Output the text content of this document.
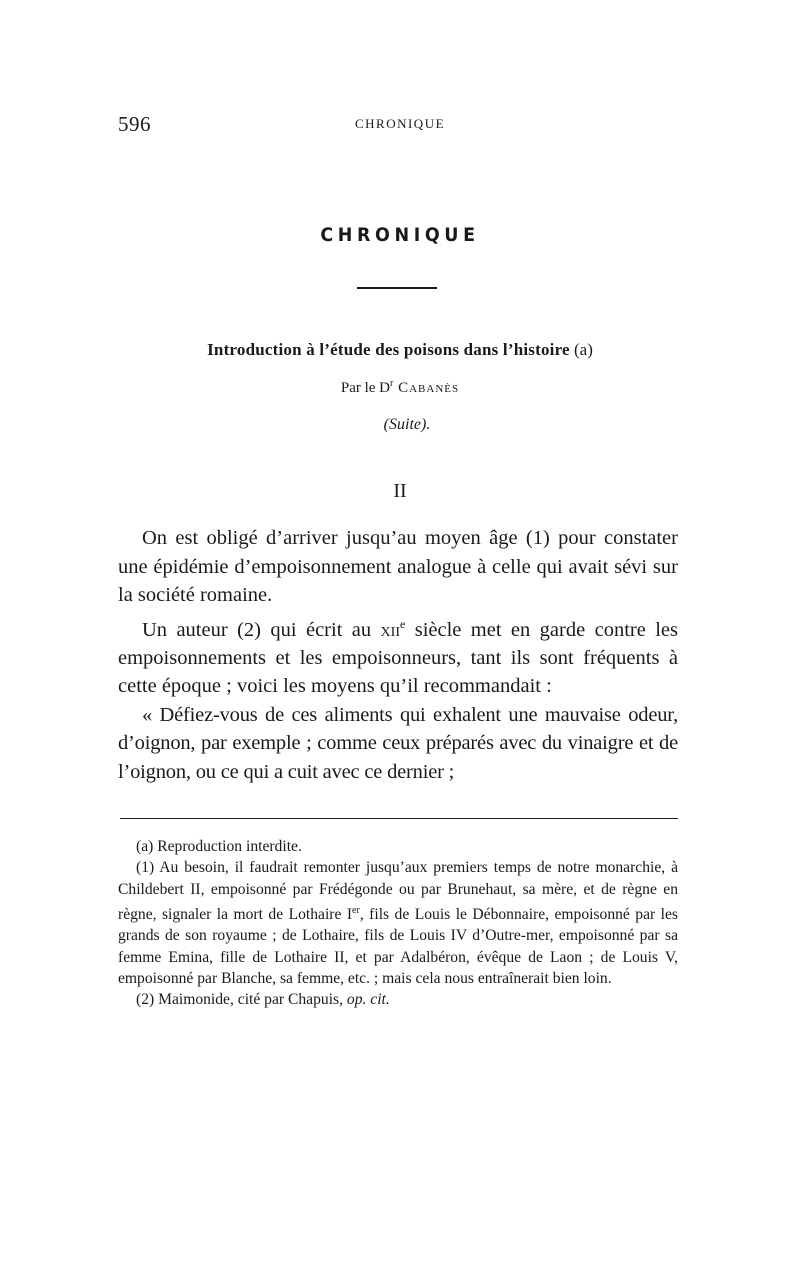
596	CHRONIQUE
CHRONIQUE
Introduction à l’étude des poisons dans l’histoire (a)
Par le $D^r$ Cabanès
(Suite).
II

On est obligé d’arriver jusqu’au moyen âge (1) pour constater une épidémie d’empoisonnement analogue à celle qui avait sévi sur la société romaine.

Un auteur (2) qui écrit au xii$^e$ siècle met en garde contre les empoisonnements et les empoisonneurs, tant ils sont fréquents à cette époque ; voici les moyens qu’il recommandait :

« Défiez-vous de ces aliments qui exhalent une mauvaise odeur, d’oignon, par exemple ; comme ceux préparés avec du vinaigre et de l’oignon, ou ce qui a cuit avec ce dernier ;

(a) Reproduction interdite.

(1) Au besoin, il faudrait remonter jusqu’aux premiers temps de notre monarchie, à Childebert II, empoisonné par Frédégonde ou par Brunehaut, sa mère, et de règne en règne, signaler la mort de Lothaire Ier, fils de Louis le Débonnaire, empoisonné par les grands de son royaume ; de Lothaire, fils de Louis IV d’Outre-mer, empoisonné par sa femme Emina, fille de Lothaire II, et par Adalbéron, évêque de Laon ; de Louis V, empoisonné par Blanche, sa femme, etc. ; mais cela nous entraînerait bien loin.

(2) Maimonide, cité par Chapuis, op. cit.
